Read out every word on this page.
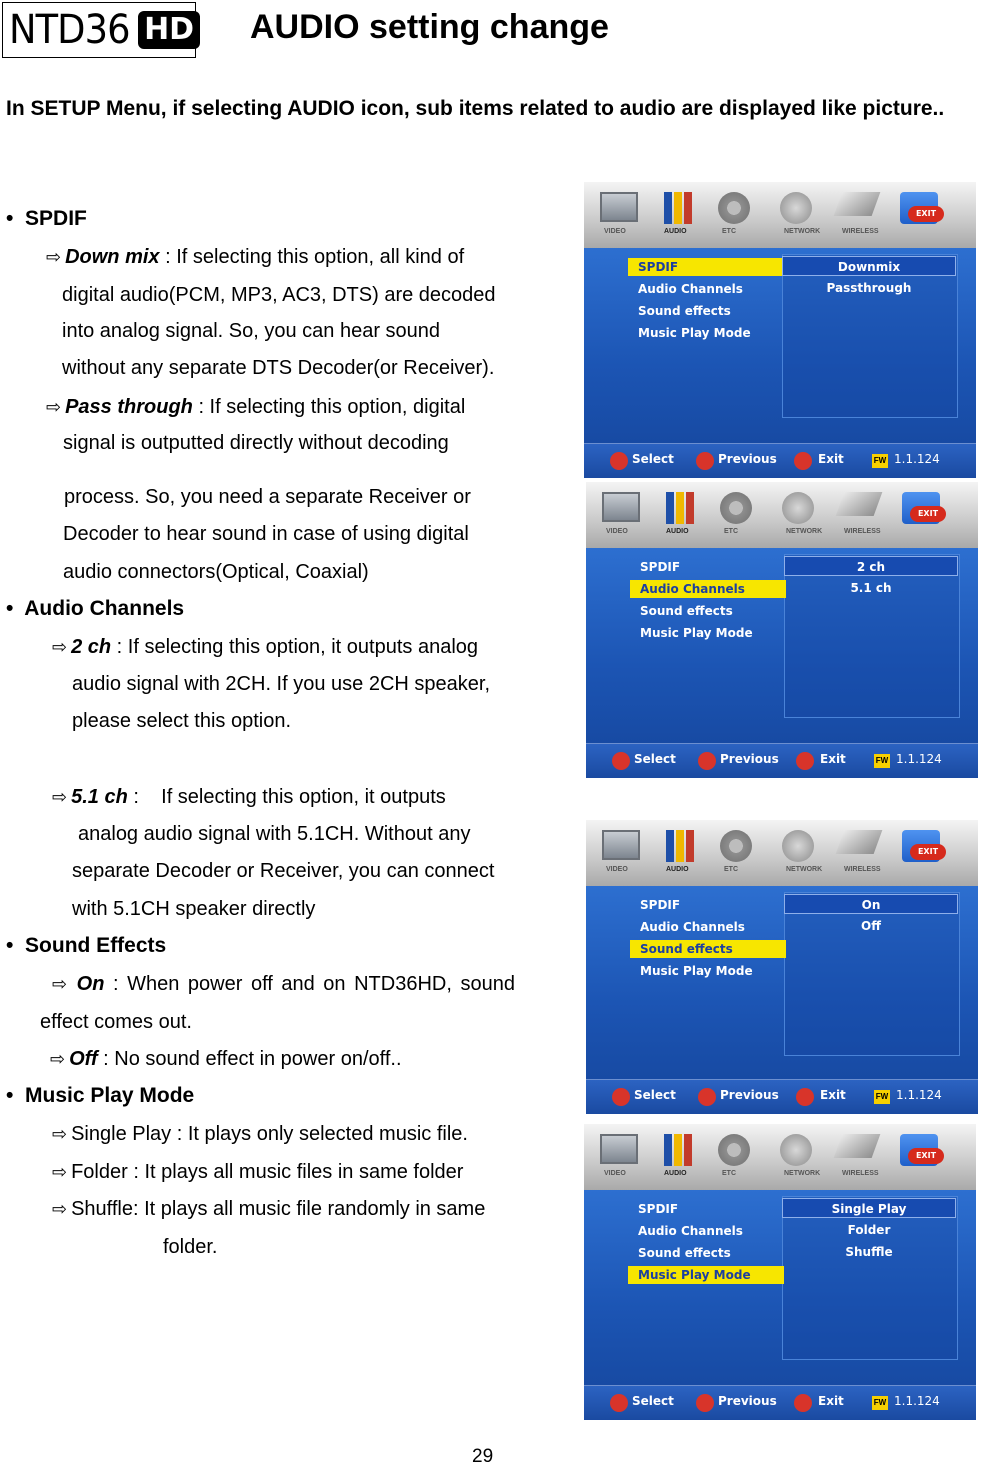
NTD36 HD AUDIO setting change
In SETUP Menu, if selecting AUDIO icon, sub items related to audio are displayed like picture..
•  SPDIF
⇨ Down mix : If selecting this option, all kind of
digital audio(PCM, MP3, AC3, DTS) are decoded
into analog signal. So, you can hear sound
without any separate DTS Decoder(or Receiver).
⇨ Pass through : If selecting this option, digital
signal is outputted directly without decoding
process. So, you need a separate Receiver or
Decoder to hear sound in case of using digital
audio connectors(Optical, Coaxial)
•  Audio Channels
⇨ 2 ch : If selecting this option, it outputs analog
audio signal with 2CH. If you use 2CH speaker,
please select this option.
⇨ 5.1 ch :    If selecting this option, it outputs
analog audio signal with 5.1CH. Without any
separate Decoder or Receiver, you can connect
with 5.1CH speaker directly
•  Sound Effects
⇨ On : When power off and on NTD36HD, sound
effect comes out.
⇨ Off : No sound effect in power on/off..
•  Music Play Mode
⇨ Single Play : It plays only selected music file.
⇨ Folder : It plays all music files in same folder
⇨ Shuffle: It plays all music file randomly in same
folder.
VIDEO	AUDIO	ETC	NETWORK	WIRELESS
EXIT
SPDIF
Audio Channels
Sound effects
Music Play Mode
Downmix
Passthrough
Select	Previous	Exit	FW 1.1.124
VIDEO	AUDIO	ETC	NETWORK	WIRELESS
EXIT
SPDIF
Audio Channels
Sound effects
Music Play Mode
2 ch
5.1 ch
Select	Previous	Exit	FW 1.1.124
VIDEO	AUDIO	ETC	NETWORK	WIRELESS
EXIT
SPDIF
Audio Channels
Sound effects
Music Play Mode
On
Off
Select	Previous	Exit	FW 1.1.124
VIDEO	AUDIO	ETC	NETWORK	WIRELESS
EXIT
SPDIF
Audio Channels
Sound effects
Music Play Mode
Single Play
Folder
Shuffle
Select	Previous	Exit	FW 1.1.124
29
